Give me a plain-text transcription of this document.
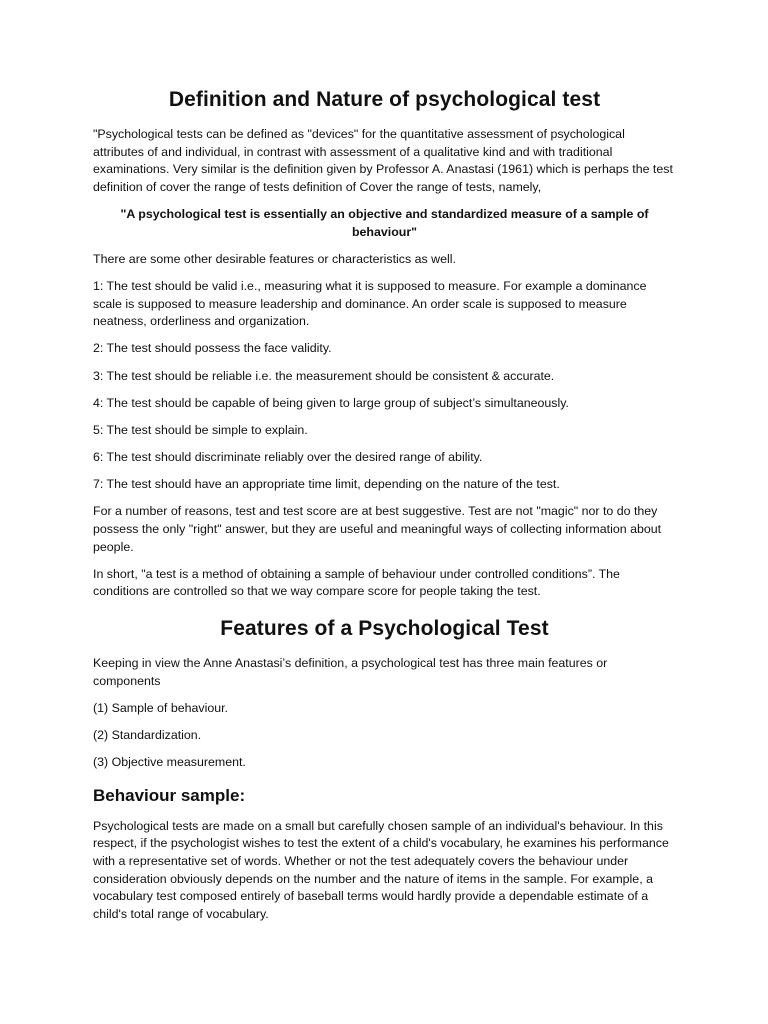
Definition and Nature of psychological test

"Psychological tests can be defined as "devices" for the quantitative assessment of psychological attributes of and individual, in contrast with assessment of a qualitative kind and with traditional examinations. Very similar is the definition given by Professor A. Anastasi (1961) which is perhaps the test definition of cover the range of tests definition of Cover the range of tests, namely,

"A psychological test is essentially an objective and standardized measure of a sample of behaviour"

There are some other desirable features or characteristics as well.

1: The test should be valid i.e., measuring what it is supposed to measure. For example a dominance scale is supposed to measure leadership and dominance. An order scale is supposed to measure neatness, orderliness and organization.

2: The test should possess the face validity.

3: The test should be reliable i.e. the measurement should be consistent & accurate.

4: The test should be capable of being given to large group of subject’s simultaneously.

5: The test should be simple to explain.

6: The test should discriminate reliably over the desired range of ability.

7: The test should have an appropriate time limit, depending on the nature of the test.

For a number of reasons, test and test score are at best suggestive. Test are not "magic" nor to do they possess the only "right" answer, but they are useful and meaningful ways of collecting information about people.

In short, "a test is a method of obtaining a sample of behaviour under controlled conditions”. The conditions are controlled so that we way compare score for people taking the test.

Features of a Psychological Test

Keeping in view the Anne Anastasi’s definition, a psychological test has three main features or components

(1) Sample of behaviour.

(2) Standardization.

(3) Objective measurement.

Behaviour sample:

Psychological tests are made on a small but carefully chosen sample of an individual's behaviour. In this respect, if the psychologist wishes to test the extent of a child's vocabulary, he examines his performance with a representative set of words. Whether or not the test adequately covers the behaviour under consideration obviously depends on the number and the nature of items in the sample. For example, a vocabulary test composed entirely of baseball terms would hardly provide a dependable estimate of a child's total range of vocabulary.
